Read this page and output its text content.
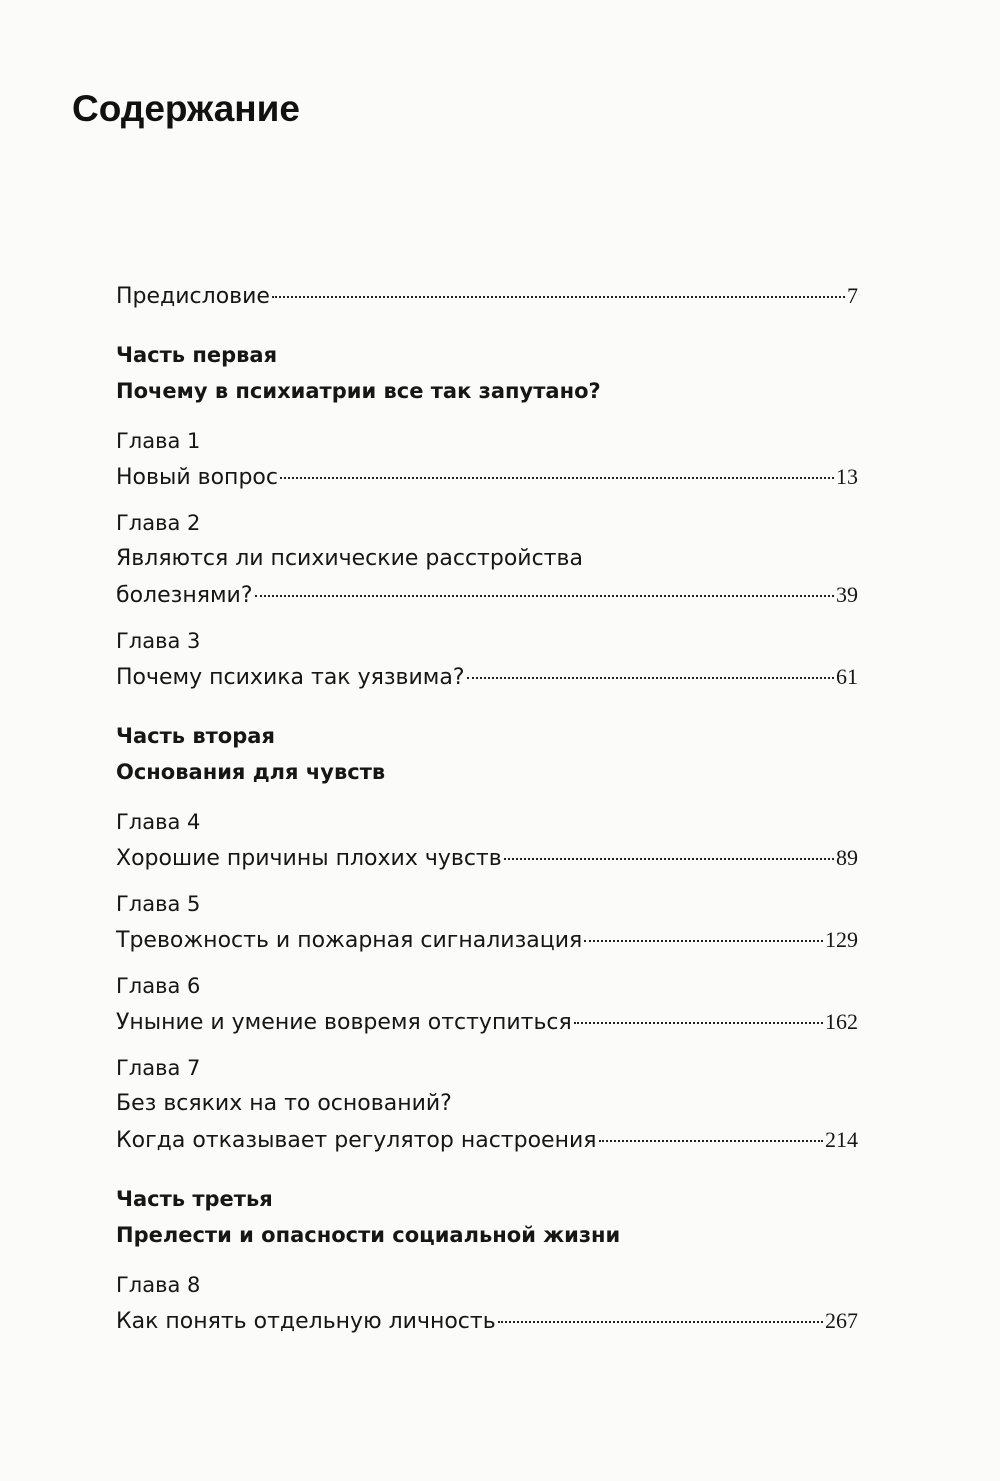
Содержание
Предисловие	7
Часть первая
Почему в психиатрии все так запутано?
Глава 1
Новый вопрос	13
Глава 2
Являются ли психические расстройства
болезнями?	39
Глава 3
Почему психика так уязвима?	61
Часть вторая
Основания для чувств
Глава 4
Хорошие причины плохих чувств	89
Глава 5
Тревожность и пожарная сигнализация	129
Глава 6
Уныние и умение вовремя отступиться	162
Глава 7
Без всяких на то оснований?
Когда отказывает регулятор настроения	214
Часть третья
Прелести и опасности социальной жизни
Глава 8
Как понять отдельную личность	267
